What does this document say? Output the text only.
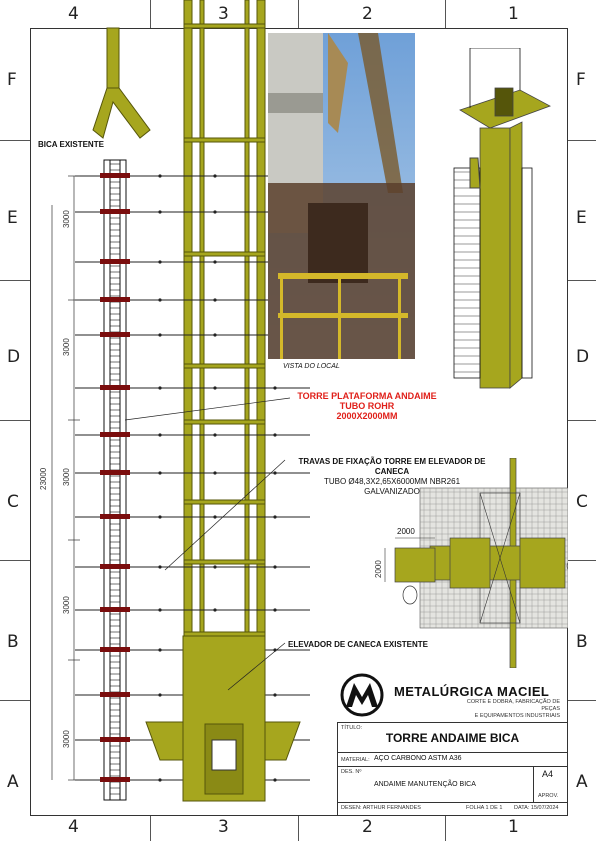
4	3	2	1
4	3	2	1
F
E
D
C
B
A
F
E
D
C
B
A
3000
3000
3000
3000
3000
23000
BICA EXISTENTE
TORRE PLATAFORMA ANDAIME
TUBO ROHR
2000X2000MM
TRAVAS DE FIXAÇÃO TORRE EM ELEVADOR DE CANECA
TUBO Ø48,3X2,65X6000MM NBR261
GALVANIZADO
ELEVADOR DE CANECA EXISTENTE
VISTA DO LOCAL
2000
2000
METALÚRGICA MACIEL
CORTE E DOBRA, FABRICAÇÃO DE PEÇAS
E EQUIPAMENTOS INDUSTRIAIS
TÍTULO:
TORRE ANDAIME BICA
MATERIAL: AÇO CARBONO ASTM A36
DES. Nº
ANDAIME MANUTENÇÃO BICA
A4
APROV.
DESEN: ARTHUR FERNANDES	FOLHA 1 DE 1 DATA: 15/07/2024
